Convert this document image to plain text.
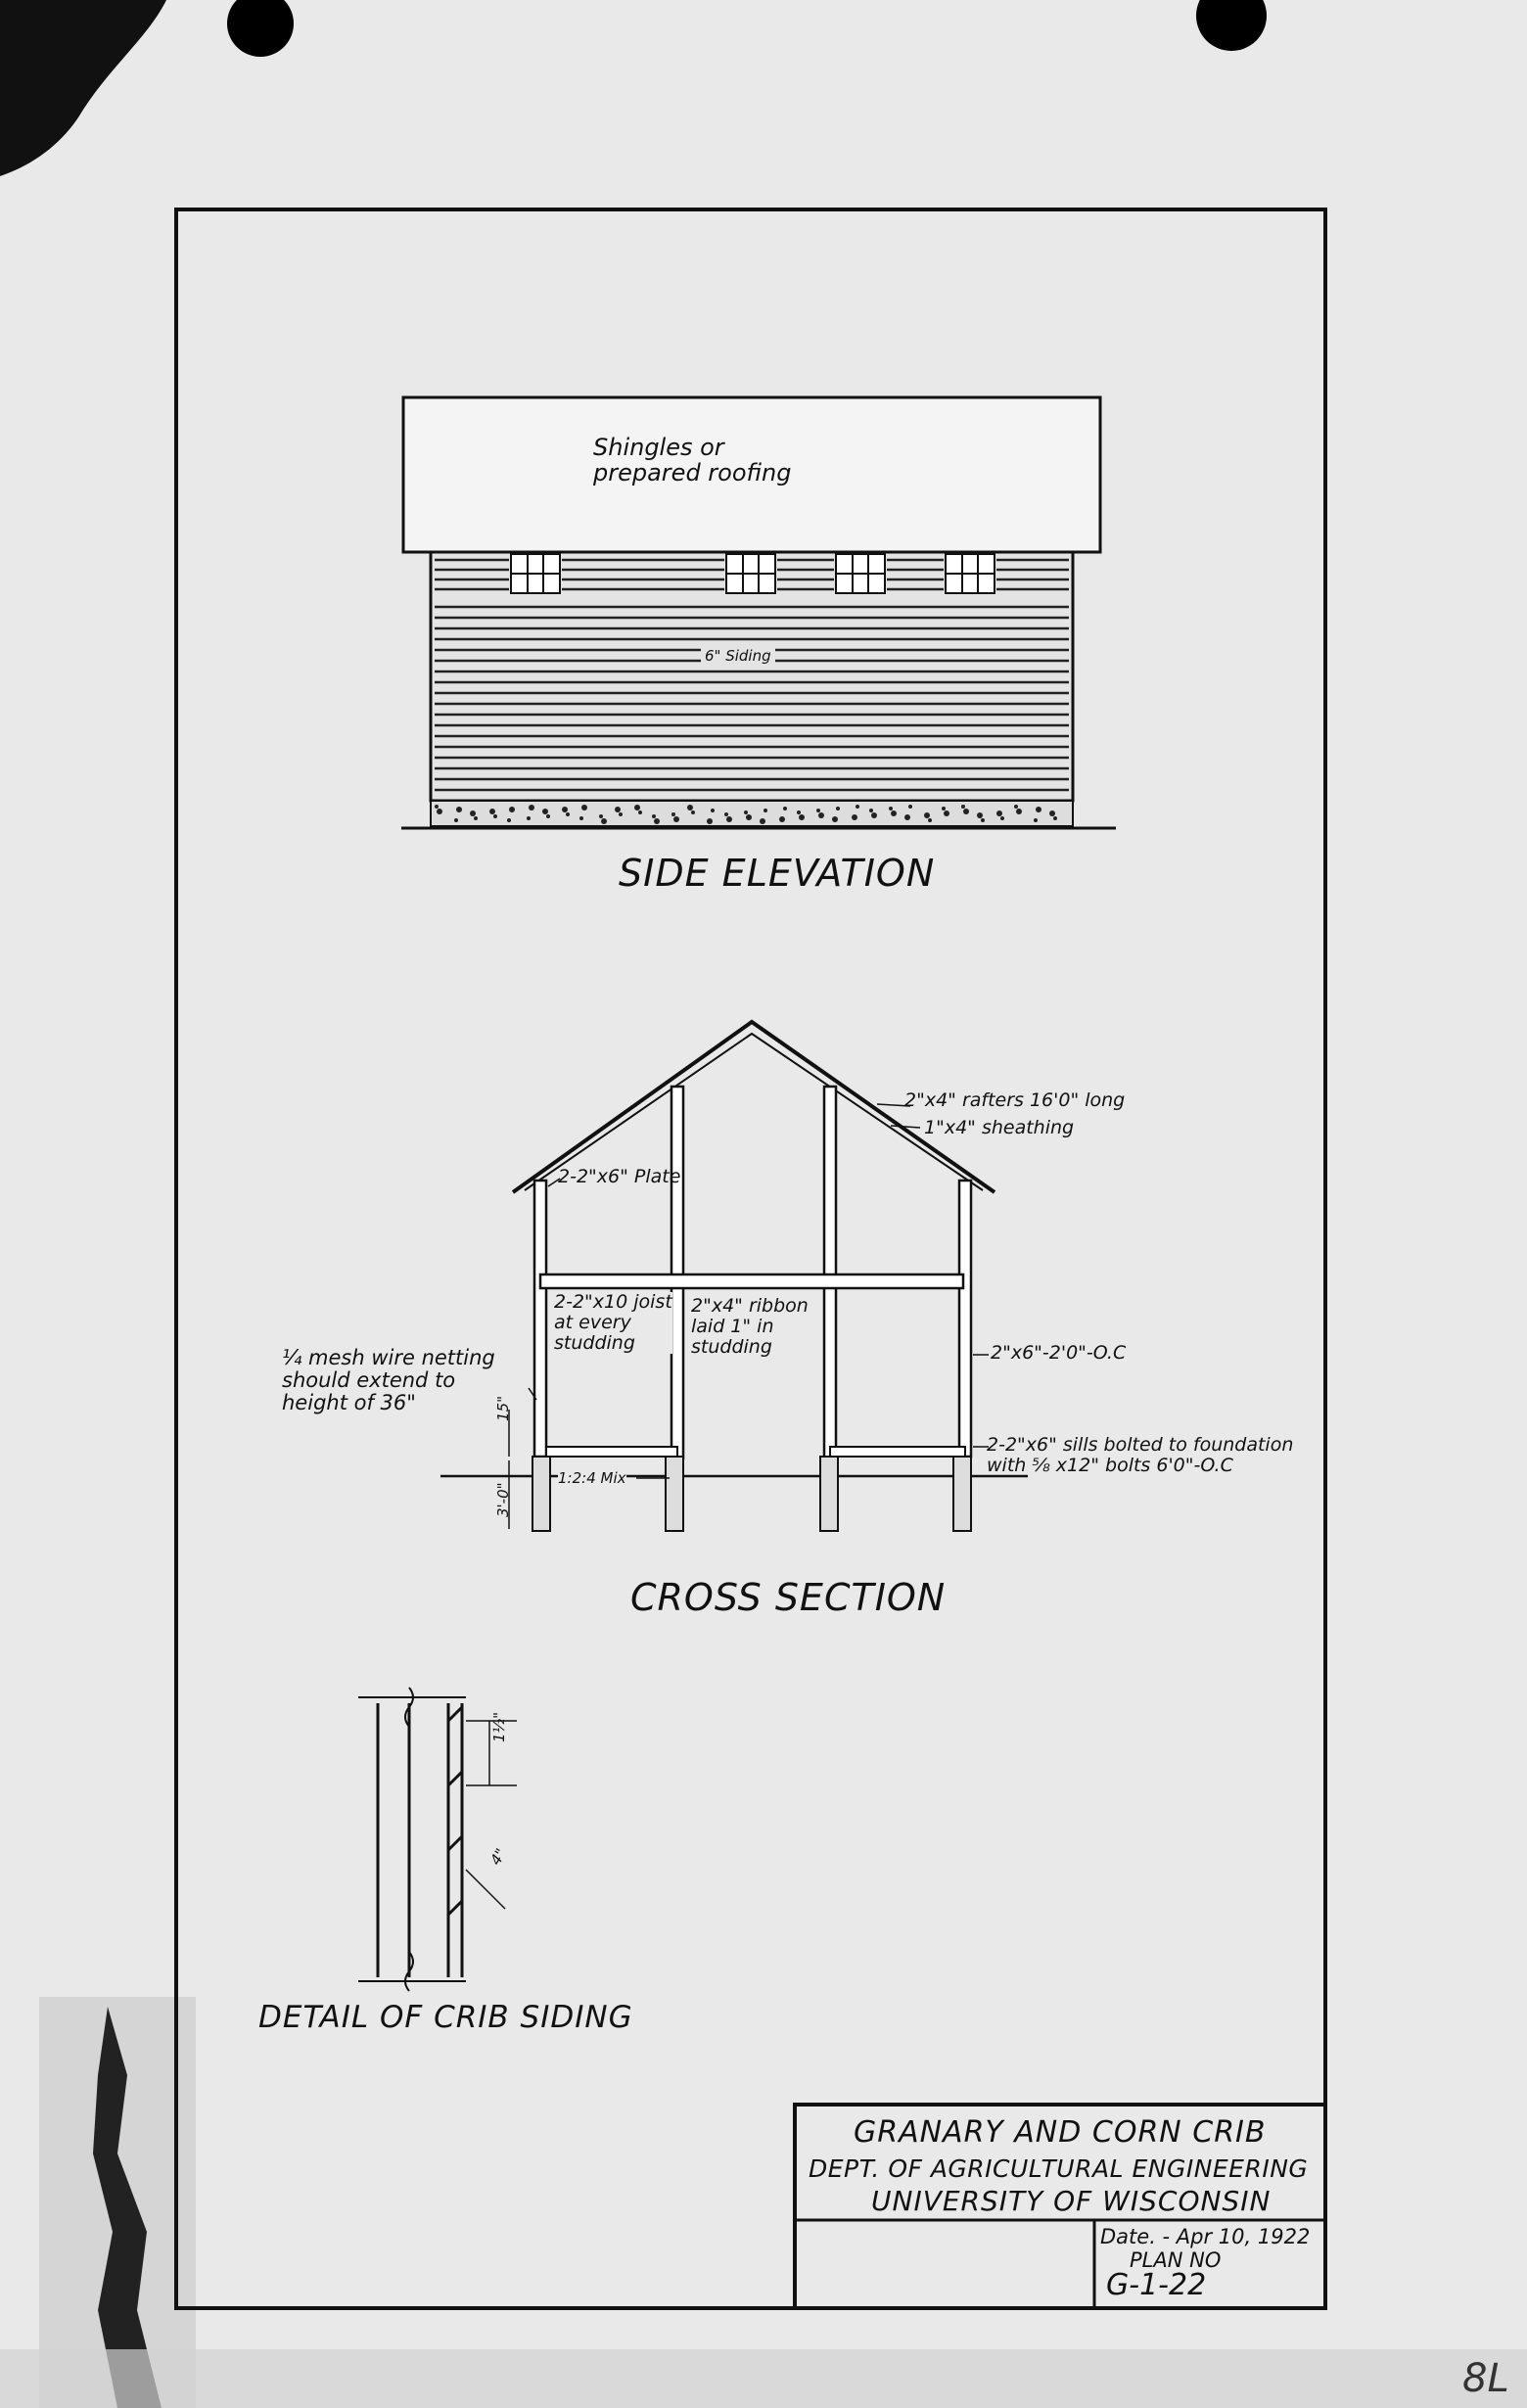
Shingles or
prepared roofing
6" Siding
SIDE ELEVATION
2"x4" rafters 16'0" long
1"x4" sheathing
2-2"x6" Plate
2-2"x10 joist
at every
studding
2"x4" ribbon
laid 1" in
studding
¼ mesh wire netting
should extend to
height of 36"
2"x6"-2'0"-O.C
2-2"x6" sills bolted to foundation
with ⅝ x12" bolts 6'0"-O.C
1:2:4 Mix
15"
3'-0"
CROSS SECTION
1½"
4"
DETAIL OF CRIB SIDING
GRANARY AND CORN CRIB
DEPT. OF AGRICULTURAL ENGINEERING
UNIVERSITY OF WISCONSIN
Date. - Apr 10, 1922
PLAN NO
G-1-22
8L
